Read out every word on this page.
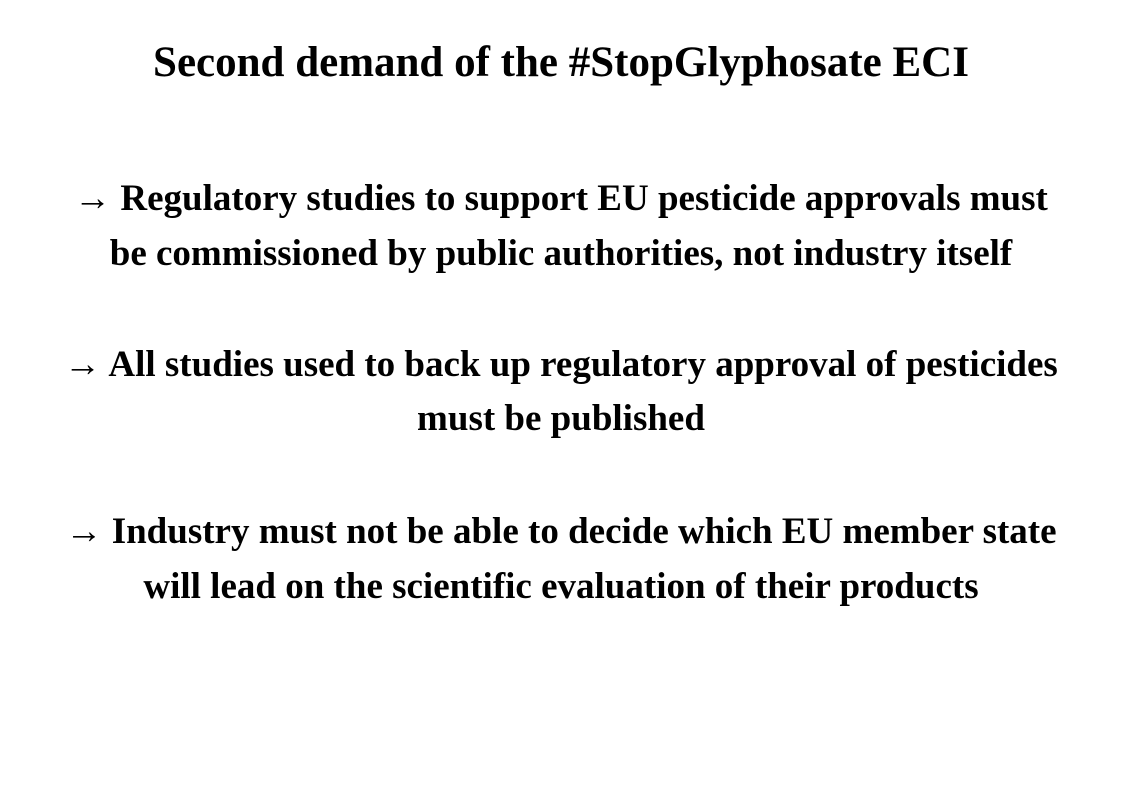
Second demand of the #StopGlyphosate ECI

→ Regulatory studies to support EU pesticide approvals must be commissioned by public authorities, not industry itself

→ All studies used to back up regulatory approval of pesticides must be published

→ Industry must not be able to decide which EU member state will lead on the scientific evaluation of their products
